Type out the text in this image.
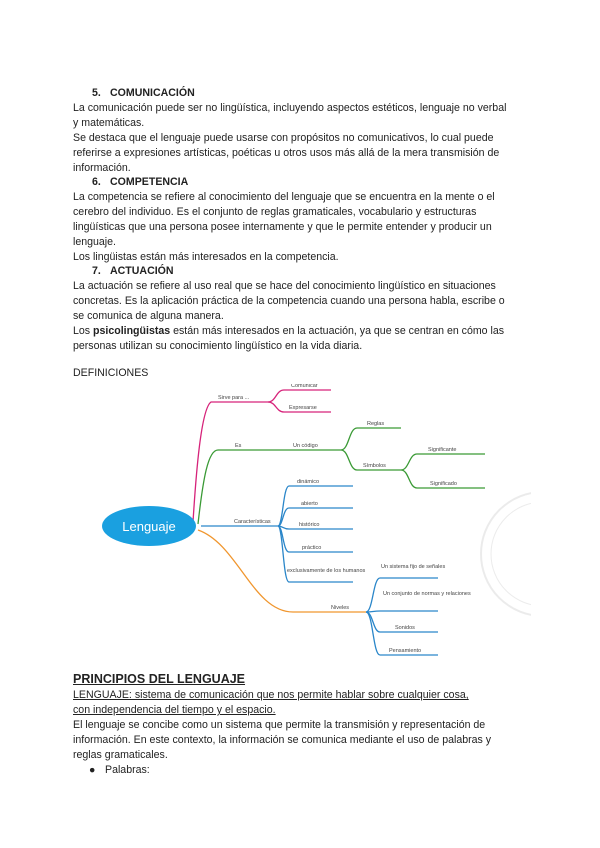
5. COMUNICACIÓN
La comunicación puede ser no lingüística, incluyendo aspectos estéticos, lenguaje no verbal
y matemáticas.
Se destaca que el lenguaje puede usarse con propósitos no comunicativos, lo cual puede
referirse a expresiones artísticas, poéticas u otros usos más allá de la mera transmisión de
información.
6. COMPETENCIA
La competencia se refiere al conocimiento del lenguaje que se encuentra en la mente o el
cerebro del individuo. Es el conjunto de reglas gramaticales, vocabulario y estructuras
lingüísticas que una persona posee internamente y que le permite entender y producir un
lenguaje.
Los lingüistas están más interesados en la competencia.
7. ACTUACIÓN
La actuación se refiere al uso real que se hace del conocimiento lingüístico en situaciones
concretas. Es la aplicación práctica de la competencia cuando una persona habla, escribe o
se comunica de alguna manera.
Los psicolingüistas están más interesados en la actuación, ya que se centran en cómo las
personas utilizan su conocimiento lingüístico en la vida diaria.
DEFINICIONES
Sirve para ...
Comunicar
Expresarse
Es	Un código
Reglas
Símbolos
Significante
Significado
Características
dinámico
abierto
histórico
práctico
exclusivamente de los humanos
Niveles
Un sistema fijo de señales
Un conjunto de normas y relaciones
Sonidos
Pensamiento
Lenguaje
PRINCIPIOS DEL LENGUAJE
LENGUAJE: sistema de comunicación que nos permite hablar sobre cualquier cosa,
con independencia del tiempo y el espacio.
El lenguaje se concibe como un sistema que permite la transmisión y representación de
información. En este contexto, la información se comunica mediante el uso de palabras y
reglas gramaticales.
● Palabras:
